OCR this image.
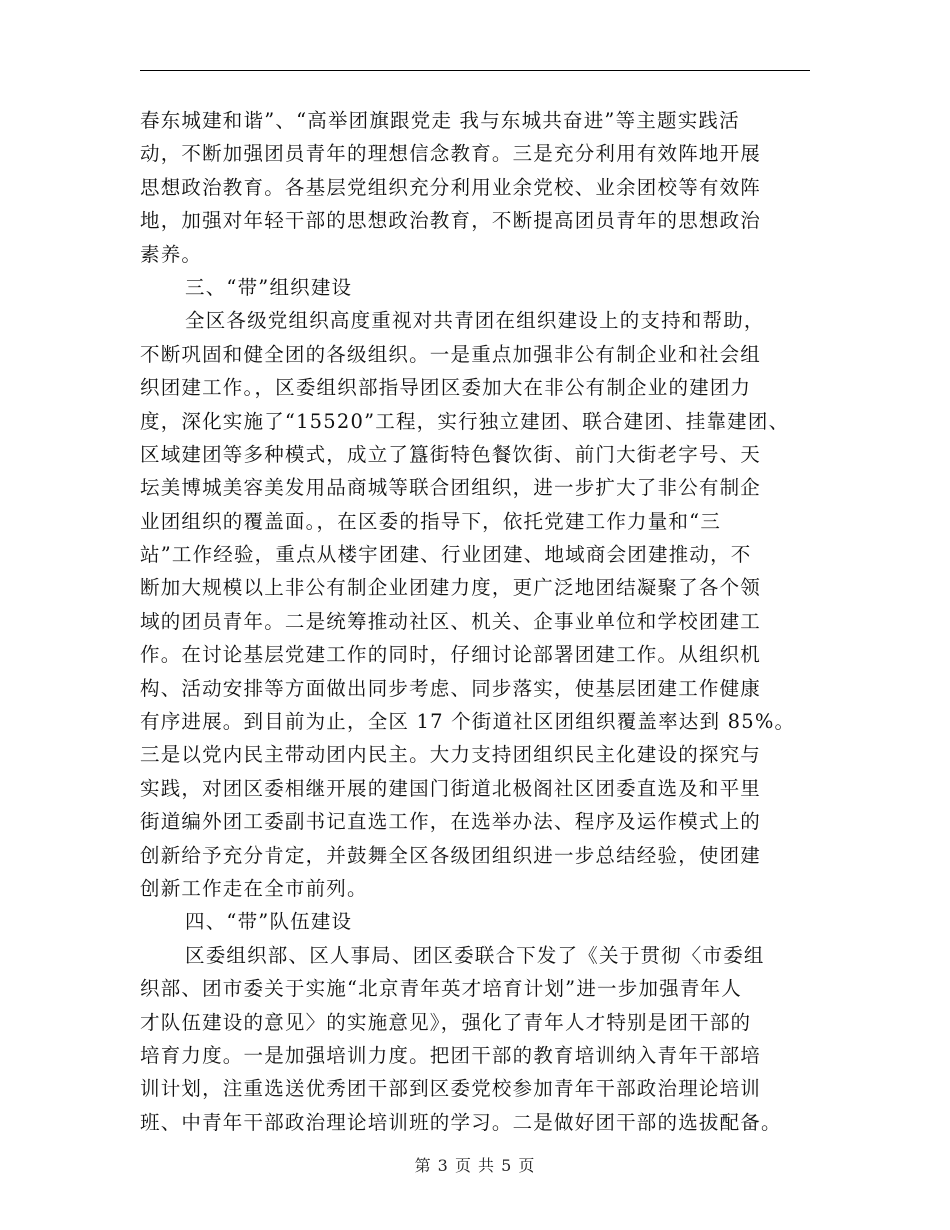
春东城建和谐”、“高举团旗跟党走 我与东城共奋进”等主题实践活
动，不断加强团员青年的理想信念教育。三是充分利用有效阵地开展
思想政治教育。各基层党组织充分利用业余党校、业余团校等有效阵
地，加强对年轻干部的思想政治教育，不断提高团员青年的思想政治
素养。
三、“带”组织建设
全区各级党组织高度重视对共青团在组织建设上的支持和帮助，
不断巩固和健全团的各级组织。一是重点加强非公有制企业和社会组
织团建工作。，区委组织部指导团区委加大在非公有制企业的建团力
度，深化实施了“15520”工程，实行独立建团、联合建团、挂靠建团、
区域建团等多种模式，成立了簋街特色餐饮街、前门大街老字号、天
坛美博城美容美发用品商城等联合团组织，进一步扩大了非公有制企
业团组织的覆盖面。，在区委的指导下，依托党建工作力量和“三
站”工作经验，重点从楼宇团建、行业团建、地域商会团建推动，不
断加大规模以上非公有制企业团建力度，更广泛地团结凝聚了各个领
域的团员青年。二是统筹推动社区、机关、企事业单位和学校团建工
作。在讨论基层党建工作的同时，仔细讨论部署团建工作。从组织机
构、活动安排等方面做出同步考虑、同步落实，使基层团建工作健康
有序进展。到目前为止，全区 17 个街道社区团组织覆盖率达到 85%。
三是以党内民主带动团内民主。大力支持团组织民主化建设的探究与
实践，对团区委相继开展的建国门街道北极阁社区团委直选及和平里
街道编外团工委副书记直选工作，在选举办法、程序及运作模式上的
创新给予充分肯定，并鼓舞全区各级团组织进一步总结经验，使团建
创新工作走在全市前列。
四、“带”队伍建设
区委组织部、区人事局、团区委联合下发了《关于贯彻〈市委组
织部、团市委关于实施“北京青年英才培育计划”进一步加强青年人
才队伍建设的意见〉的实施意见》，强化了青年人才特别是团干部的
培育力度。一是加强培训力度。把团干部的教育培训纳入青年干部培
训计划，注重选送优秀团干部到区委党校参加青年干部政治理论培训
班、中青年干部政治理论培训班的学习。二是做好团干部的选拔配备。
第 3 页 共 5 页
